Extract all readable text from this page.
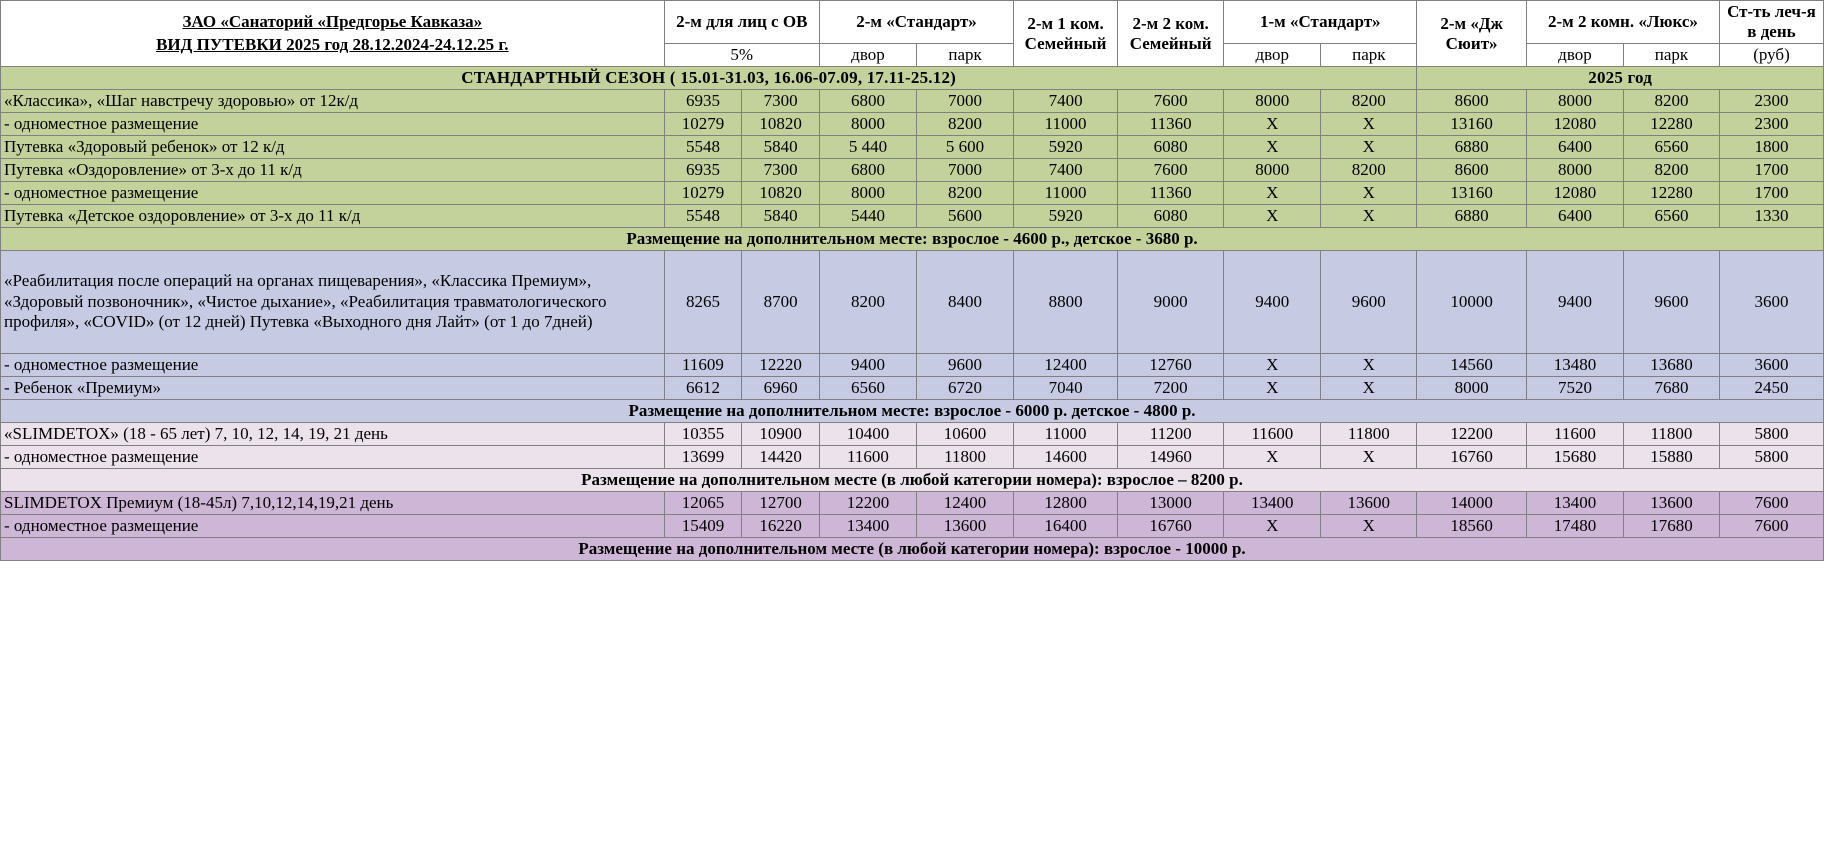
ЗАО «Санаторий «Предгорье Кавказа»
ВИД ПУТЕВКИ 2025 год 28.12.2024-24.12.25 г.	2-м для лиц с ОВ		2-м «Стандарт»		2-м 1 ком. Семейный	2-м 2 ком. Семейный	1-м «Стандарт»		2-м «Дж Сюит»	2-м 2 комн. «Люкс»		Ст-ть леч-я в день
	5%		двор	парк			двор	парк		двор	парк	(руб)
СТАНДАРТНЫЙ СЕЗОН ( 15.01-31.03, 16.06-07.09, 17.11-25.12)									2025 год			
«Классика», «Шаг навстречу здоровью» от 12к/д	6935	7300	6800	7000	7400	7600	8000	8200	8600	8000	8200	2300
- одноместное размещение	10279	10820	8000	8200	11000	11360	Х	Х	13160	12080	12280	2300
Путевка «Здоровый ребенок» от 12 к/д	5548	5840	5 440	5 600	5920	6080	Х	Х	6880	6400	6560	1800
Путевка «Оздоровление» от 3-х до 11 к/д	6935	7300	6800	7000	7400	7600	8000	8200	8600	8000	8200	1700
- одноместное размещение	10279	10820	8000	8200	11000	11360	Х	Х	13160	12080	12280	1700
Путевка «Детское оздоровление» от 3-х до 11 к/д	5548	5840	5440	5600	5920	6080	Х	Х	6880	6400	6560	1330
Размещение на дополнительном месте: взрослое - 4600 р., детское - 3680 р.												
«Реабилитация после операций на органах пищеварения», «Классика Премиум», «Здоровый позвоночник», «Чистое дыхание», «Реабилитация травматологического профиля», «COVID» (от 12 дней) Путевка «Выходного дня Лайт» (от 1 до 7дней)	8265	8700	8200	8400	8800	9000	9400	9600	10000	9400	9600	3600
- одноместное размещение	11609	12220	9400	9600	12400	12760	Х	Х	14560	13480	13680	3600
- Ребенок «Премиум»	6612	6960	6560	6720	7040	7200	Х	Х	8000	7520	7680	2450
Размещение на дополнительном месте: взрослое - 6000 р. детское - 4800 р.												
«SLIMDETOX» (18 - 65 лет) 7, 10, 12, 14, 19, 21 день	10355	10900	10400	10600	11000	11200	11600	11800	12200	11600	11800	5800
- одноместное размещение	13699	14420	11600	11800	14600	14960	Х	Х	16760	15680	15880	5800
Размещение на дополнительном месте (в любой категории номера): взрослое – 8200 р.												
SLIMDETOX Премиум (18-45л) 7,10,12,14,19,21 день	12065	12700	12200	12400	12800	13000	13400	13600	14000	13400	13600	7600
- одноместное размещение	15409	16220	13400	13600	16400	16760	Х	Х	18560	17480	17680	7600
Размещение на дополнительном месте (в любой категории номера): взрослое - 10000 р.												
